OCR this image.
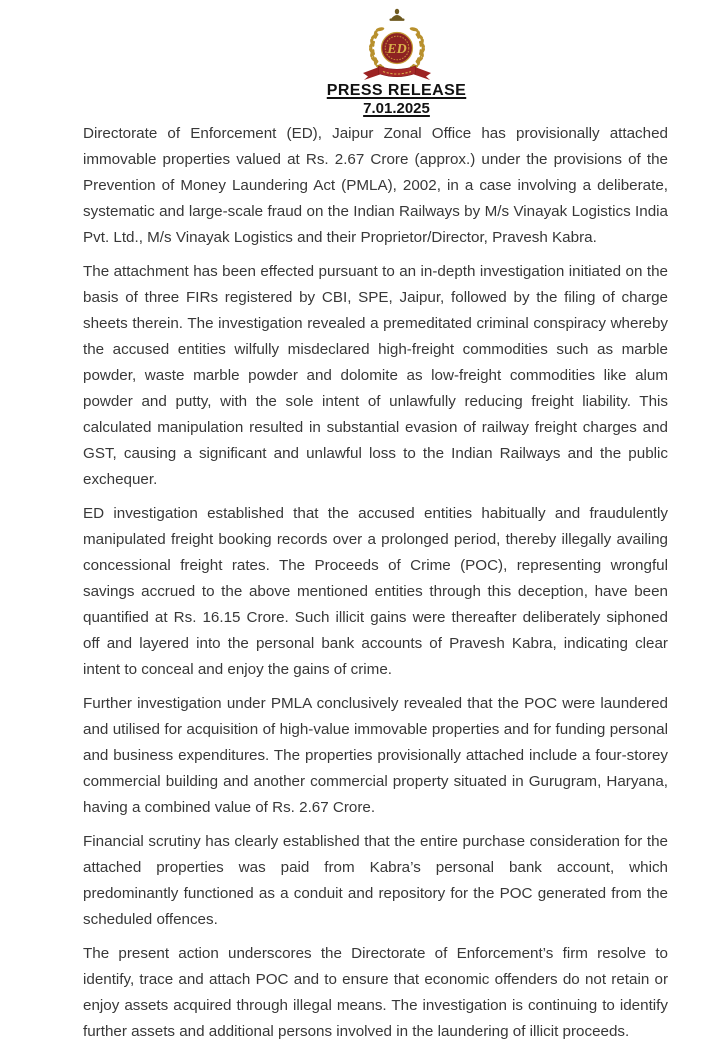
ED
PRESS RELEASE
7.01.2025

Directorate of Enforcement (ED), Jaipur Zonal Office has provisionally attached immovable properties valued at Rs. 2.67 Crore (approx.) under the provisions of the Prevention of Money Laundering Act (PMLA), 2002, in a case involving a deliberate, systematic and large-scale fraud on the Indian Railways by M/s Vinayak Logistics India Pvt. Ltd., M/s Vinayak Logistics and their Proprietor/Director, Pravesh Kabra.

The attachment has been effected pursuant to an in-depth investigation initiated on the basis of three FIRs registered by CBI, SPE, Jaipur, followed by the filing of charge sheets therein. The investigation revealed a premeditated criminal conspiracy whereby the accused entities wilfully misdeclared high-freight commodities such as marble powder, waste marble powder and dolomite as low-freight commodities like alum powder and putty, with the sole intent of unlawfully reducing freight liability. This calculated manipulation resulted in substantial evasion of railway freight charges and GST, causing a significant and unlawful loss to the Indian Railways and the public exchequer.

ED investigation established that the accused entities habitually and fraudulently manipulated freight booking records over a prolonged period, thereby illegally availing concessional freight rates. The Proceeds of Crime (POC), representing wrongful savings accrued to the above mentioned entities through this deception, have been quantified at Rs. 16.15 Crore. Such illicit gains were thereafter deliberately siphoned off and layered into the personal bank accounts of Pravesh Kabra, indicating clear intent to conceal and enjoy the gains of crime.

Further investigation under PMLA conclusively revealed that the POC were laundered and utilised for acquisition of high-value immovable properties and for funding personal and business expenditures. The properties provisionally attached include a four-storey commercial building and another commercial property situated in Gurugram, Haryana, having a combined value of Rs. 2.67 Crore.

Financial scrutiny has clearly established that the entire purchase consideration for the attached properties was paid from Kabra’s personal bank account, which predominantly functioned as a conduit and repository for the POC generated from the scheduled offences.

The present action underscores the Directorate of Enforcement’s firm resolve to identify, trace and attach POC and to ensure that economic offenders do not retain or enjoy assets acquired through illegal means. The investigation is continuing to identify further assets and additional persons involved in the laundering of illicit proceeds.
